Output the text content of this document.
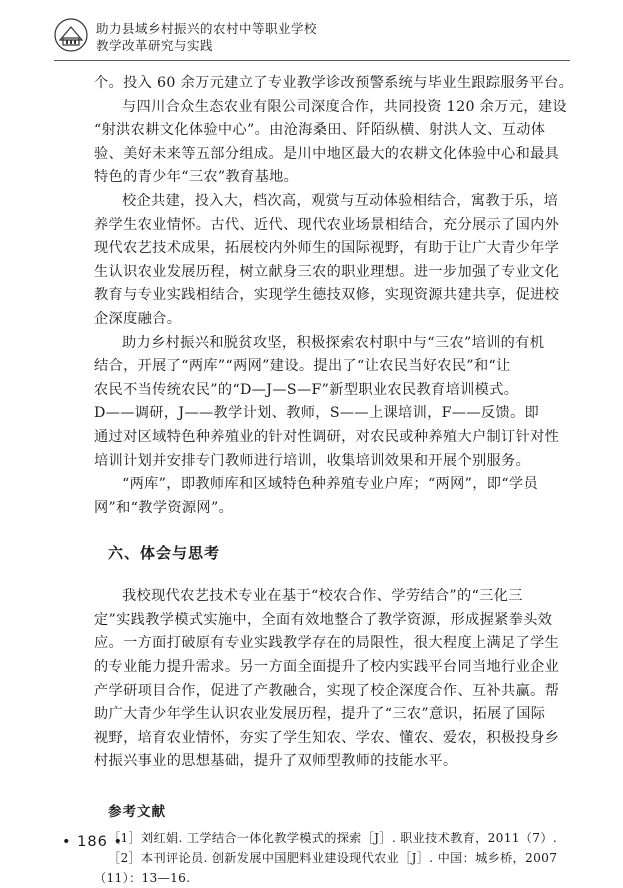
助力县域乡村振兴的农村中等职业学校
教学改革研究与实践

个。投入 60 余万元建立了专业教学诊改预警系统与毕业生跟踪服务平台。

与四川合众生态农业有限公司深度合作，共同投资 120 余万元，建设
“射洪农耕文化体验中心”。由沧海桑田、阡陌纵横、射洪人文、互动体
验、美好未来等五部分组成。是川中地区最大的农耕文化体验中心和最具
特色的青少年“三农”教育基地。

校企共建，投入大，档次高，观赏与互动体验相结合，寓教于乐，培
养学生农业情怀。古代、近代、现代农业场景相结合，充分展示了国内外
现代农艺技术成果，拓展校内外师生的国际视野，有助于让广大青少年学
生认识农业发展历程，树立献身三农的职业理想。进一步加强了专业文化
教育与专业实践相结合，实现学生德技双修，实现资源共建共享，促进校
企深度融合。

助力乡村振兴和脱贫攻坚，积极探索农村职中与“三农”培训的有机
结合，开展了“两库”“两网”建设。提出了“让农民当好农民”和“让
农民不当传统农民”的“D—J—S—F”新型职业农民教育培训模式。

D——调研，J——教学计划、教师，S——上课培训，F——反馈。即
通过对区域特色种养殖业的针对性调研，对农民或种养殖大户制订针对性
培训计划并安排专门教师进行培训，收集培训效果和开展个别服务。

“两库”，即教师库和区域特色种养殖专业户库；“两网”，即“学员
网”和“教学资源网”。

六、体会与思考

我校现代农艺技术专业在基于“校农合作、学劳结合”的“三化三
定”实践教学模式实施中，全面有效地整合了教学资源，形成握紧拳头效
应。一方面打破原有专业实践教学存在的局限性，很大程度上满足了学生
的专业能力提升需求。另一方面全面提升了校内实践平台同当地行业企业
产学研项目合作，促进了产教融合，实现了校企深度合作、互补共赢。帮
助广大青少年学生认识农业发展历程，提升了“三农”意识，拓展了国际
视野，培育农业情怀，夯实了学生知农、学农、懂农、爱农，积极投身乡
村振兴事业的思想基础，提升了双师型教师的技能水平。

参考文献
［1］刘红娟. 工学结合一体化教学模式的探索［J］. 职业技术教育，2011（7）.
［2］本刊评论员. 创新发展中国肥料业建设现代农业［J］. 中国：城乡桥，2007
（11）：13—16.
• 186 •
